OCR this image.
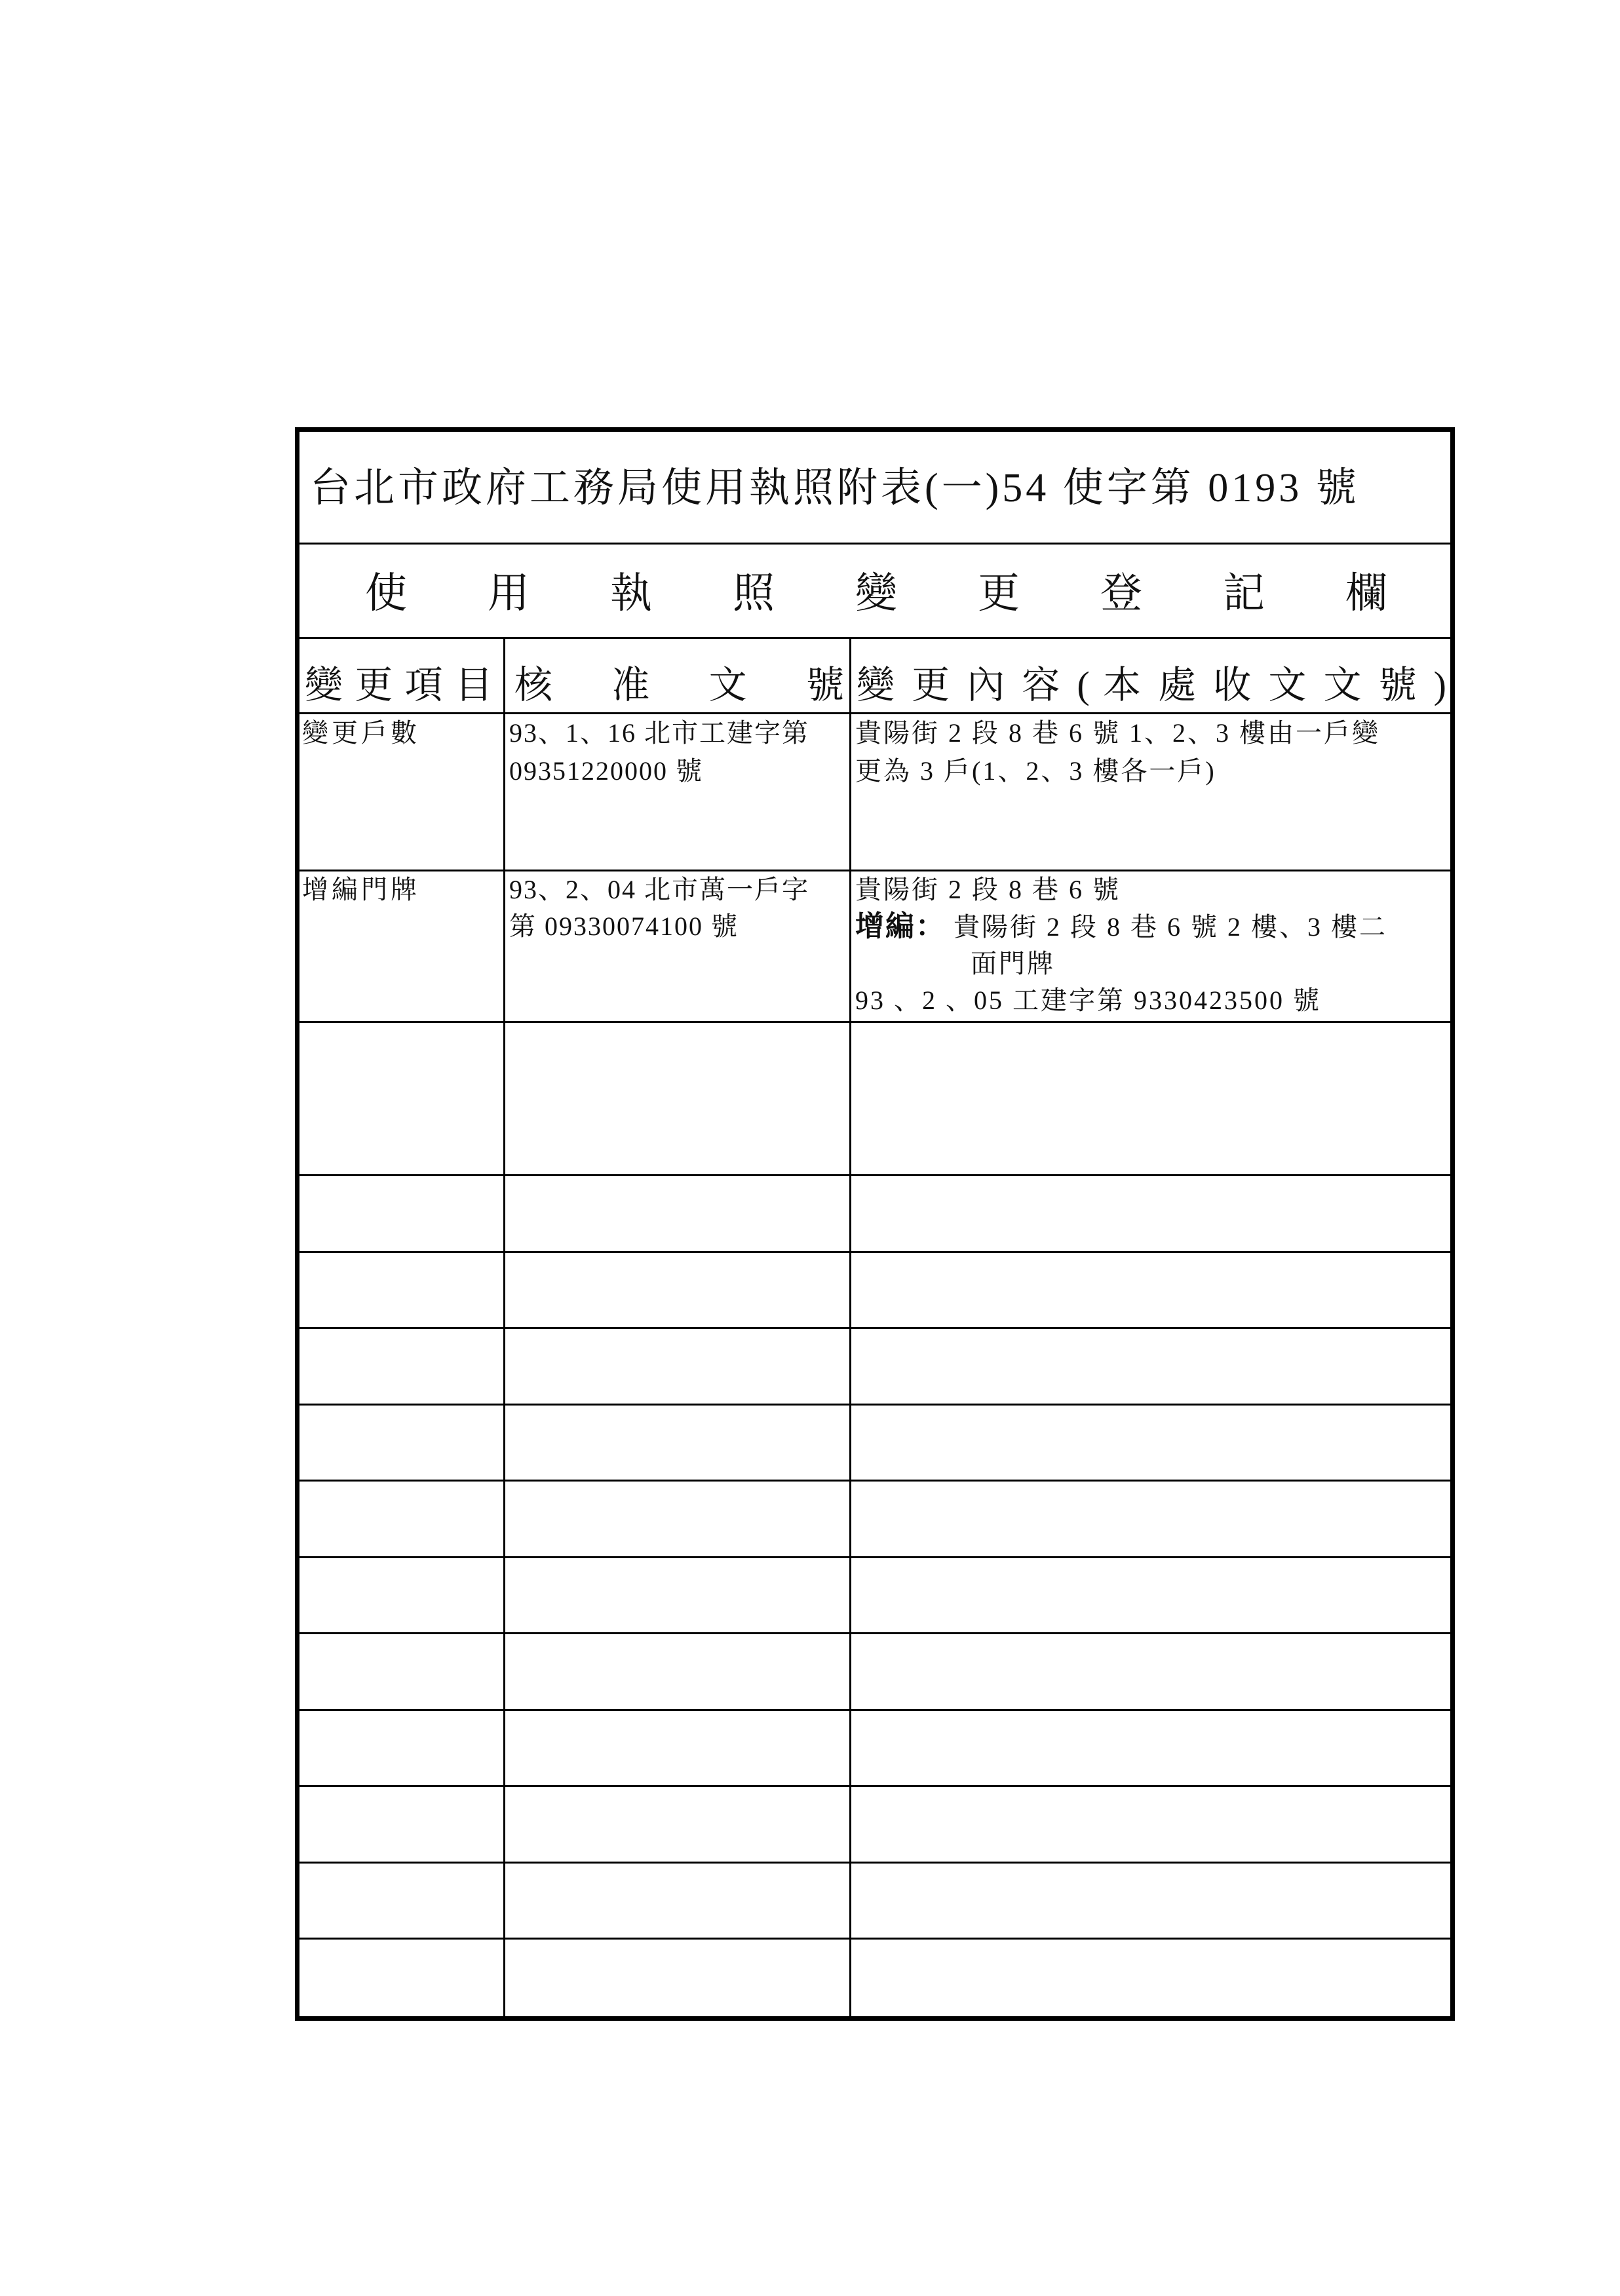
台北市政府工務局使用執照附表(一)54 使字第 0193 號
使 用 執 照 變 更 登 記 欄
變 更 項 目 核 准 文 號 變 更 內 容 ( 本 處 收 文 文 號 )
變更戶數	93、1、16 北市工建字第
09351220000 號
貴陽街 2 段 8 巷 6 號 1、2、3 樓由一戶變
更為 3 戶(1、2、3 樓各一戶)
增編門牌	93、2、04 北市萬一戶字
第 09330074100 號
貴陽街 2 段 8 巷 6 號
增編： 貴陽街 2 段 8 巷 6 號 2 樓、3 樓二
面門牌
93 、2 、05 工建字第 9330423500 號
